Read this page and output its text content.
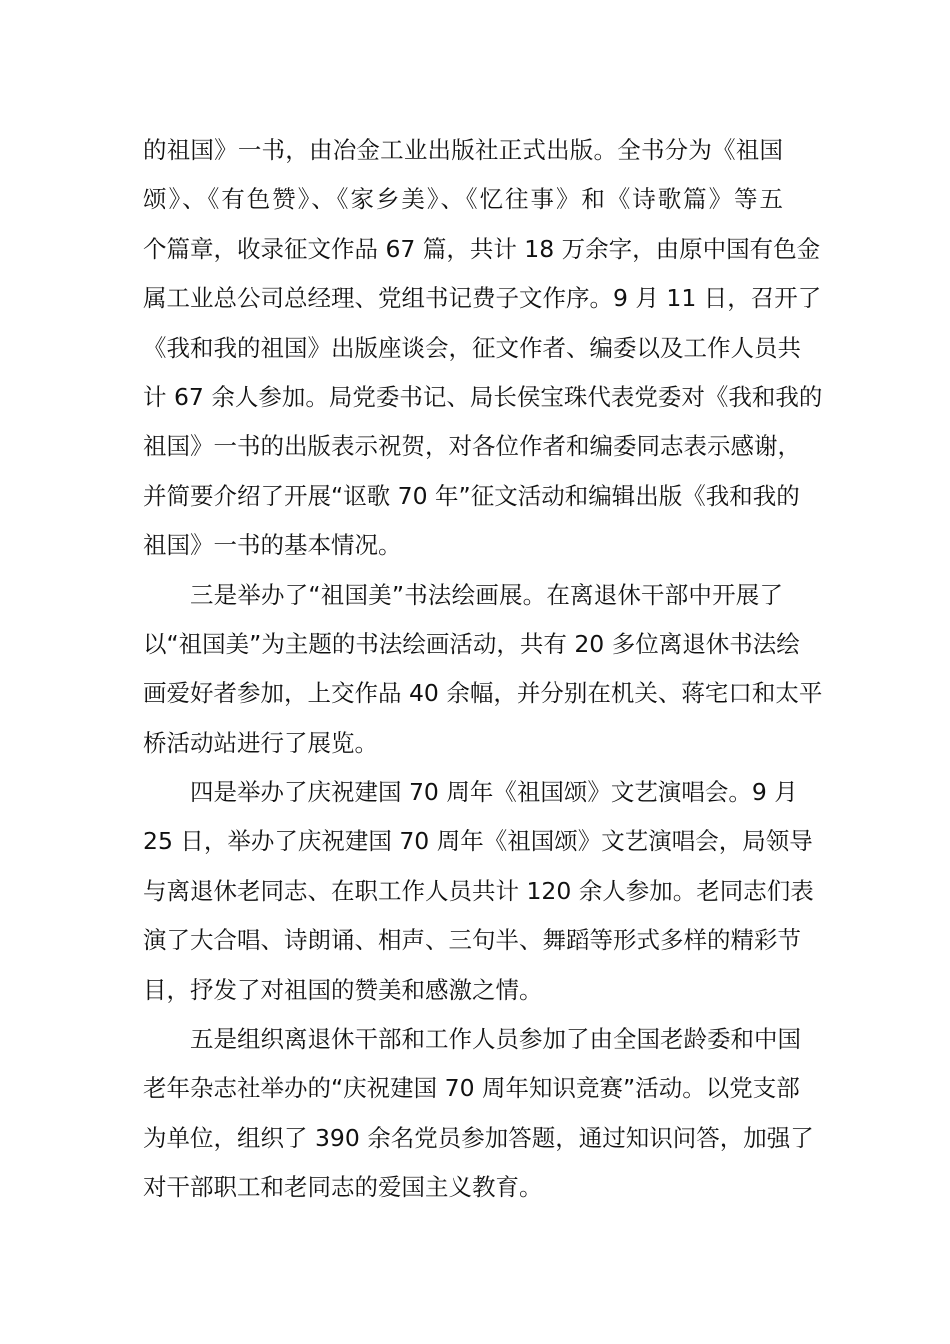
的祖国》一书，由冶金工业出版社正式出版。全书分为《祖国
颂》、《有色赞》、《家乡美》、《忆往事》和《诗歌篇》等五
个篇章，收录征文作品 67 篇，共计 18 万余字，由原中国有色金
属工业总公司总经理、党组书记费子文作序。9 月 11 日，召开了
《我和我的祖国》出版座谈会，征文作者、编委以及工作人员共
计 67 余人参加。局党委书记、局长侯宝珠代表党委对《我和我的
祖国》一书的出版表示祝贺，对各位作者和编委同志表示感谢，
并简要介绍了开展“讴歌 70 年”征文活动和编辑出版《我和我的
祖国》一书的基本情况。
三是举办了“祖国美”书法绘画展。在离退休干部中开展了
以“祖国美”为主题的书法绘画活动，共有 20 多位离退休书法绘
画爱好者参加，上交作品 40 余幅，并分别在机关、蒋宅口和太平
桥活动站进行了展览。
四是举办了庆祝建国 70 周年《祖国颂》文艺演唱会。9 月
25 日，举办了庆祝建国 70 周年《祖国颂》文艺演唱会，局领导
与离退休老同志、在职工作人员共计 120 余人参加。老同志们表
演了大合唱、诗朗诵、相声、三句半、舞蹈等形式多样的精彩节
目，抒发了对祖国的赞美和感激之情。
五是组织离退休干部和工作人员参加了由全国老龄委和中国
老年杂志社举办的“庆祝建国 70 周年知识竞赛”活动。以党支部
为单位，组织了 390 余名党员参加答题，通过知识问答，加强了
对干部职工和老同志的爱国主义教育。
